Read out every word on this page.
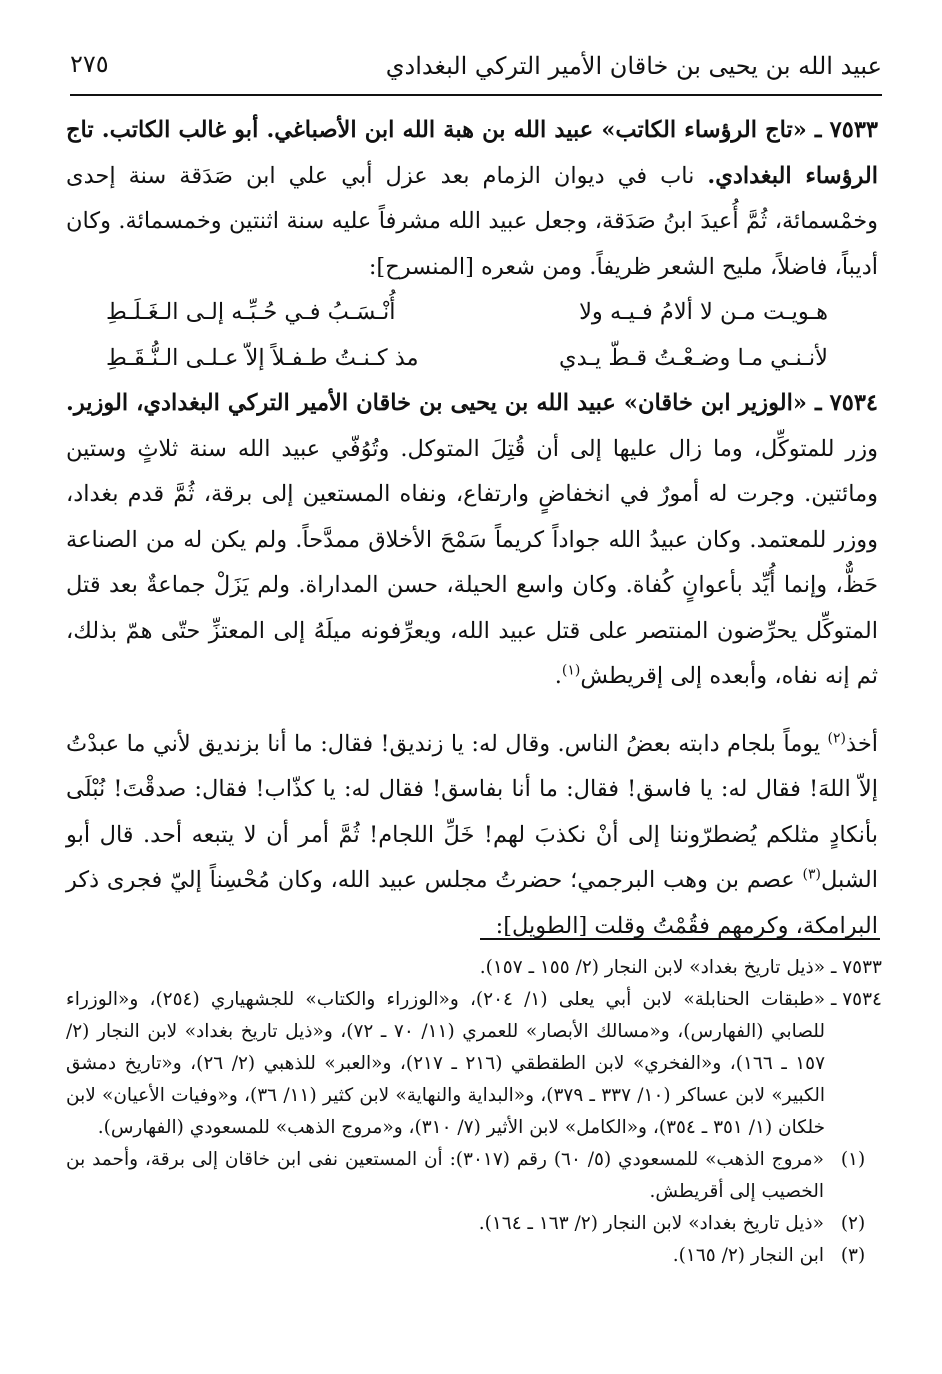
عبيد الله بن يحيى بن خاقان الأمير التركي البغدادي
٢٧٥

٧٥٣٣ ـ «تاج الرؤساء الكاتب» عبيد الله بن هبة الله ابن الأصباغي. أبو غالب الكاتب. تاج الرؤساء البغدادي. ناب في ديوان الزمام بعد عزل أبي علي ابن صَدَقة سنة إحدى وخمْسمائة، ثُمَّ أُعيدَ ابنُ صَدَقة، وجعل عبيد الله مشرفاً عليه سنة اثنتين وخمسمائة. وكان أديباً، فاضلاً، مليح الشعر ظريفاً. ومن شعره [المنسرح]:

هـويـت مـن لا ألامُ فـيـه ولا
أُنْـسَـبُ فـي حُـبِّـه إلـى الـغَـلَـطِ
لأنـنـي مـا وضـعْـتُ قـطّ يـدي
مذ كـنـتُ طـفـلاً إلاّ عـلـى الـنُّـقَـطِ

٧٥٣٤ ـ «الوزير ابن خاقان» عبيد الله بن يحيى بن خاقان الأمير التركي البغدادي، الوزير. وزر للمتوكِّل، وما زال عليها إلى أن قُتِلَ المتوكل. وتُوُفّي عبيد الله سنة ثلاثٍ وستين ومائتين. وجرت له أمورٌ في انخفاضٍ وارتفاع، ونفاه المستعين إلى برقة، ثُمَّ قدم بغداد، ووزر للمعتمد. وكان عبيدُ الله جواداً كريماً سَمْحَ الأخلاق ممدَّحاً. ولم يكن له من الصناعة حَظٌّ، وإنما أُيِّد بأعوانٍ كُفاة. وكان واسع الحيلة، حسن المداراة. ولم يَزَلْ جماعةٌ بعد قتل المتوكِّل يحرِّضون المنتصر على قتل عبيد الله، ويعرِّفونه ميلَهُ إلى المعتزِّ حتّى همّ بذلك، ثم إنه نفاه، وأبعده إلى إقريطش$^{(١)}$.

أخذ$^{(٢)}$ يوماً بلجام دابته بعضُ الناس. وقال له: يا زنديق! فقال: ما أنا بزنديق لأني ما عبدْتُ إلاّ اللهَ! فقال له: يا فاسق! فقال: ما أنا بفاسق! فقال له: يا كذّاب! فقال: صدقْتَ! نُبْلَى بأنكادٍ مثلكم يُضطرّوننا إلى أنْ نكذبَ لهم! خَلِّ اللجام! ثُمَّ أمر أن لا يتبعه أحد. قال أبو الشبل$^{(٣)}$ عصم بن وهب البرجمي؛ حضرتُ مجلس عبيد الله، وكان مُحْسِناً إليّ فجرى ذكر البرامكة، وكرمهم فقُمْتُ وقلت [الطويل]:

٧٥٣٣ ـ

«ذيل تاريخ بغداد» لابن النجار (٢/ ١٥٥ ـ ١٥٧).
٧٥٣٤ ـ

«طبقات الحنابلة» لابن أبي يعلى (١/ ٢٠٤)، و«الوزراء والكتاب» للجشهياري (٢٥٤)، و«الوزراء للصابي (الفهارس)، و«مسالك الأبصار» للعمري (١١/ ٧٠ ـ ٧٢)، و«ذيل تاريخ بغداد» لابن النجار (٢/ ١٥٧ ـ ١٦٦)، و«الفخري» لابن الطقطقي (٢١٦ ـ ٢١٧)، و«العبر» للذهبي (٢/ ٢٦)، و«تاريخ دمشق الكبير» لابن عساكر (١٠/ ٣٣٧ ـ ٣٧٩)، و«البداية والنهاية» لابن كثير (١١/ ٣٦)، و«وفيات الأعيان» لابن خلكان (١/ ٣٥١ ـ ٣٥٤)، و«الكامل» لابن الأثير (٧/ ٣١٠)، و«مروج الذهب» للمسعودي (الفهارس).
(١)
«مروج الذهب» للمسعودي (٥/ ٦٠) رقم (٣٠١٧): أن المستعين نفى ابن خاقان إلى برقة، وأحمد بن الخصيب إلى أقريطش.
(٢)
«ذيل تاريخ بغداد» لابن النجار (٢/ ١٦٣ ـ ١٦٤).
(٣)
ابن النجار (٢/ ١٦٥).
